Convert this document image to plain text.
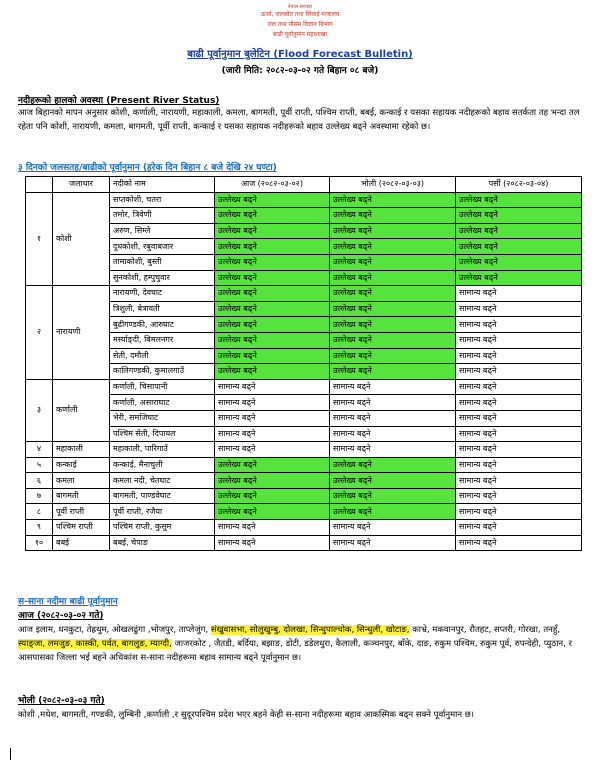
नेपाल सरकार
ऊर्जा, जलस्रोत तथा सिंचाई मन्त्रालय
जल तथा मौसम विज्ञान विभाग
बाढी पूर्वानुमान महाशाखा
बाढी पूर्वानुमान बुलेटिन (Flood Forecast Bulletin)
(जारी मिति: २०८२-०३-०२ गते बिहान ०८ बजे)
नदीहरूको हालको अवस्था (Present River Status)
आज बिहानको मापन अनुसार कोशी, कर्णाली, नारायणी, महाकाली, कमला, बागमती, पूर्वी राप्ती, पश्चिम राप्ती, बबई, कन्काई र यसका सहायक नदीहरूको बहाव सतर्कता तह भन्दा तल रहेता पनि कोशी, नारायणी, कमला, बागमती, पूर्वी राप्ती, कन्काई र यसका सहायक नदीहरूको बहाव उल्लेख्य बढ्ने अवस्थामा रहेको छ।
३ दिनको जलसतह/बाढीको पूर्वानुमान (हरेक दिन बिहान ८ बजे देखि २४ घण्टा)
	जलाधार	नदीको नाम	आज (२०८२-०३-०२)	भोली (२०८२-०३-०३)	पर्सी (२०८२-०३-०४)
१	कोशी	सप्तकोशी, चतरा	उल्लेख्य बढ्ने	उल्लेख्य बढ्ने	उल्लेख्य बढ्ने
		तमोर, त्रिवेणी	उल्लेख्य बढ्ने	उल्लेख्य बढ्ने	उल्लेख्य बढ्ने
		अरुण, सिम्ले	उल्लेख्य बढ्ने	उल्लेख्य बढ्ने	उल्लेख्य बढ्ने
		दुधकोशी, रबुवाबजार	उल्लेख्य बढ्ने	उल्लेख्य बढ्ने	उल्लेख्य बढ्ने
		तामाकोशी, बुस्ती	उल्लेख्य बढ्ने	उल्लेख्य बढ्ने	उल्लेख्य बढ्ने
		सुनकोशी, हम्पुचुवार	उल्लेख्य बढ्ने	उल्लेख्य बढ्ने	उल्लेख्य बढ्ने
२	नारायणी	नारायणी, देवघाट	उल्लेख्य बढ्ने	उल्लेख्य बढ्ने	सामान्य बढ्ने
		त्रिशुली, बेत्रावती	उल्लेख्य बढ्ने	उल्लेख्य बढ्ने	सामान्य बढ्ने
		बुढीगण्डकी, आरुघाट	उल्लेख्य बढ्ने	उल्लेख्य बढ्ने	सामान्य बढ्ने
		मर्स्याङ्दी, बिमलनगर	उल्लेख्य बढ्ने	उल्लेख्य बढ्ने	सामान्य बढ्ने
		सेती, दमौली	उल्लेख्य बढ्ने	उल्लेख्य बढ्ने	सामान्य बढ्ने
		कालिगण्डकी, कुमालगाउँ	उल्लेख्य बढ्ने	उल्लेख्य बढ्ने	सामान्य बढ्ने
३	कर्णाली	कर्णाली, चिसापानी	सामान्य बढ्ने	सामान्य बढ्ने	सामान्य बढ्ने
		कर्णाली, असाराघाट	सामान्य बढ्ने	सामान्य बढ्ने	सामान्य बढ्ने
		भेरी, समजिघाट	सामान्य बढ्ने	सामान्य बढ्ने	सामान्य बढ्ने
		पश्चिम सेती, दिपायल	सामान्य बढ्ने	सामान्य बढ्ने	सामान्य बढ्ने
४	महाकाली	महाकाली, पारिगाउँ	सामान्य बढ्ने	सामान्य बढ्ने	सामान्य बढ्ने
५	कन्काई	कन्काई, मैनाचुली	उल्लेख्य बढ्ने	उल्लेख्य बढ्ने	सामान्य बढ्ने
६	कमला	कमला नदी, चेतघाट	उल्लेख्य बढ्ने	उल्लेख्य बढ्ने	सामान्य बढ्ने
७	बागमती	बागमती, पाण्डवेघाट	उल्लेख्य बढ्ने	उल्लेख्य बढ्ने	सामान्य बढ्ने
८	पूर्वी राप्ती	पूर्वी राप्ती, रजैया	उल्लेख्य बढ्ने	उल्लेख्य बढ्ने	सामान्य बढ्ने
९	पश्चिम राप्ती	पश्चिम राप्ती, कुसुम	सामान्य बढ्ने	सामान्य बढ्ने	सामान्य बढ्ने
१०	बबई	बबई, चेपाङ	सामान्य बढ्ने	सामान्य बढ्ने	सामान्य बढ्ने
स-साना नदीमा बाढी पूर्वानुमान
आज (२०८२-०३-०२ गते)
आज इलाम, धनकुटा, तेह्रथुम, ओखलढुंगा ,भोजपुर, ताप्लेजुंग, संखुवासभा, सोलुखुम्बु, दोलखा, सिन्धुपाल्चोक, सिन्धुली, खोटाङ, काभ्रे, मकवानपुर, रौतहट, सप्तरी, गोरखा, तनहुँ, स्याङ्जा, लमजुङ, कास्की, पर्वत, बागलुङ, म्याग्दी, जाजरकोट , जैतडी, बर्दिया, बझाङ, डोटी, डडेलधुरा, कैलाली, कञ्चनपुर, बाँके, दाङ, रुकुम पश्चिम, रुकुम पूर्व, रुपन्देही, प्युठान, र आसपासका जिल्ला भई बहने अधिकांश स-साना नदीहरूमा बहाव सामान्य बढ्ने पूर्वानुमान छ।
भोली (२०८२-०३-०३ गते)
कोशी ,मधेश, बागमती, गण्डकी, लुम्बिनी ,कर्णाली ,र सुदूरपश्चिम प्रदेश भएर बहने केही स-साना नदीहरूमा बहाव आकस्मिक बढ्न सक्ने पूर्वानुमान छ।
